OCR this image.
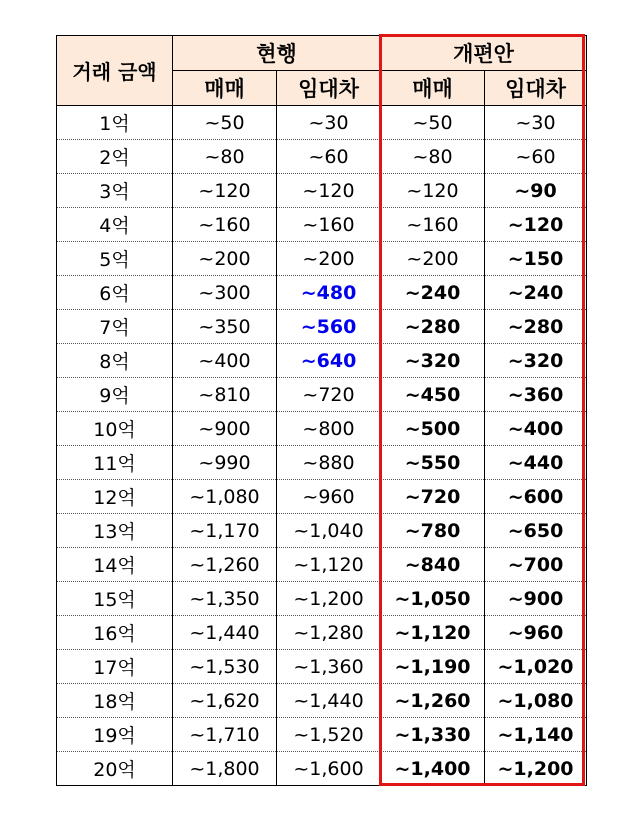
거래 금액	현행		개편안	
	매매	임대차	매매	임대차
1억	~50	~30	~50	~30
2억	~80	~60	~80	~60
3억	~120	~120	~120	~90
4억	~160	~160	~160	~120
5억	~200	~200	~200	~150
6억	~300	~480	~240	~240
7억	~350	~560	~280	~280
8억	~400	~640	~320	~320
9억	~810	~720	~450	~360
10억	~900	~800	~500	~400
11억	~990	~880	~550	~440
12억	~1,080	~960	~720	~600
13억	~1,170	~1,040	~780	~650
14억	~1,260	~1,120	~840	~700
15억	~1,350	~1,200	~1,050	~900
16억	~1,440	~1,280	~1,120	~960
17억	~1,530	~1,360	~1,190	~1,020
18억	~1,620	~1,440	~1,260	~1,080
19억	~1,710	~1,520	~1,330	~1,140
20억	~1,800	~1,600	~1,400	~1,200
